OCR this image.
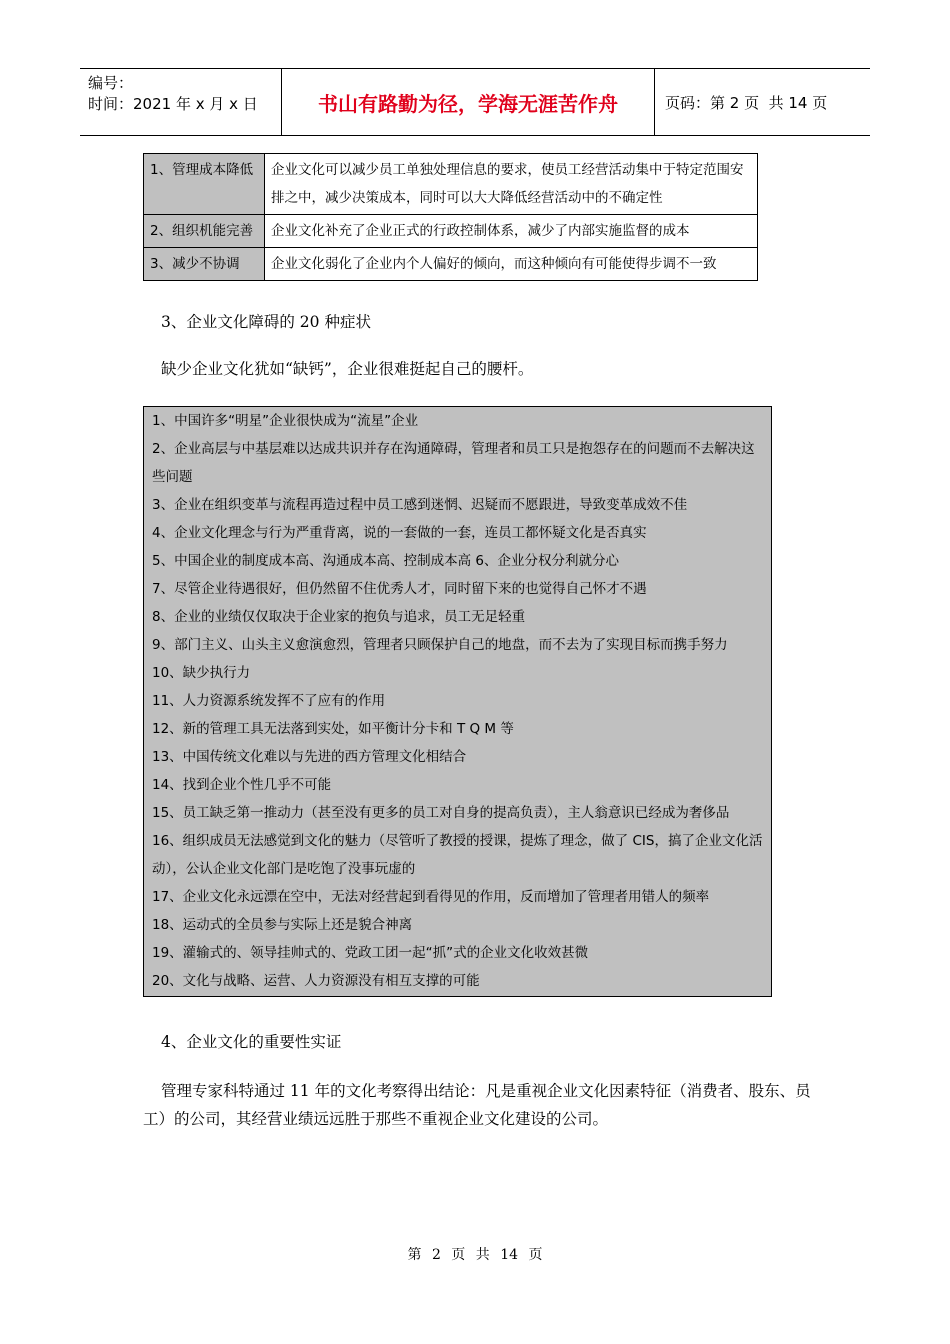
编号：
时间：2021 年 x 月 x 日	书山有路勤为径，学海无涯苦作舟	页码：第 2 页  共 14 页
1、管理成本降低	企业文化可以减少员工单独处理信息的要求，使员工经营活动集中于特定范围安排之中，减少决策成本，同时可以大大降低经营活动中的不确定性
2、组织机能完善	企业文化补充了企业正式的行政控制体系，减少了内部实施监督的成本
3、减少不协调	企业文化弱化了企业内个人偏好的倾向，而这种倾向有可能使得步调不一致
3、企业文化障碍的 20 种症状
缺少企业文化犹如“缺钙”，企业很难挺起自己的腰杆。
1、中国许多“明星”企业很快成为“流星”企业
2、企业高层与中基层难以达成共识并存在沟通障碍，管理者和员工只是抱怨存在的问题而不去解决这些问题
3、企业在组织变革与流程再造过程中员工感到迷惘、迟疑而不愿跟进，导致变革成效不佳
4、企业文化理念与行为严重背离，说的一套做的一套，连员工都怀疑文化是否真实
5、中国企业的制度成本高、沟通成本高、控制成本高 6、企业分权分利就分心
7、尽管企业待遇很好，但仍然留不住优秀人才，同时留下来的也觉得自己怀才不遇
8、企业的业绩仅仅取决于企业家的抱负与追求，员工无足轻重
9、部门主义、山头主义愈演愈烈，管理者只顾保护自己的地盘，而不去为了实现目标而携手努力
10、缺少执行力
11、人力资源系统发挥不了应有的作用
12、新的管理工具无法落到实处，如平衡计分卡和 T Q M 等
13、中国传统文化难以与先进的西方管理文化相结合
14、找到企业个性几乎不可能
15、员工缺乏第一推动力（甚至没有更多的员工对自身的提高负责），主人翁意识已经成为奢侈品
16、组织成员无法感觉到文化的魅力（尽管听了教授的授课，提炼了理念，做了 CIS，搞了企业文化活动），公认企业文化部门是吃饱了没事玩虚的
17、企业文化永远漂在空中，无法对经营起到看得见的作用，反而增加了管理者用错人的频率
18、运动式的全员参与实际上还是貌合神离
19、灌输式的、领导挂帅式的、党政工团一起“抓”式的企业文化收效甚微
20、文化与战略、运营、人力资源没有相互支撑的可能
4、企业文化的重要性实证
管理专家科特通过 11 年的文化考察得出结论：凡是重视企业文化因素特征（消费者、股东、员工）的公司，其经营业绩远远胜于那些不重视企业文化建设的公司。
第 2 页 共 14 页
